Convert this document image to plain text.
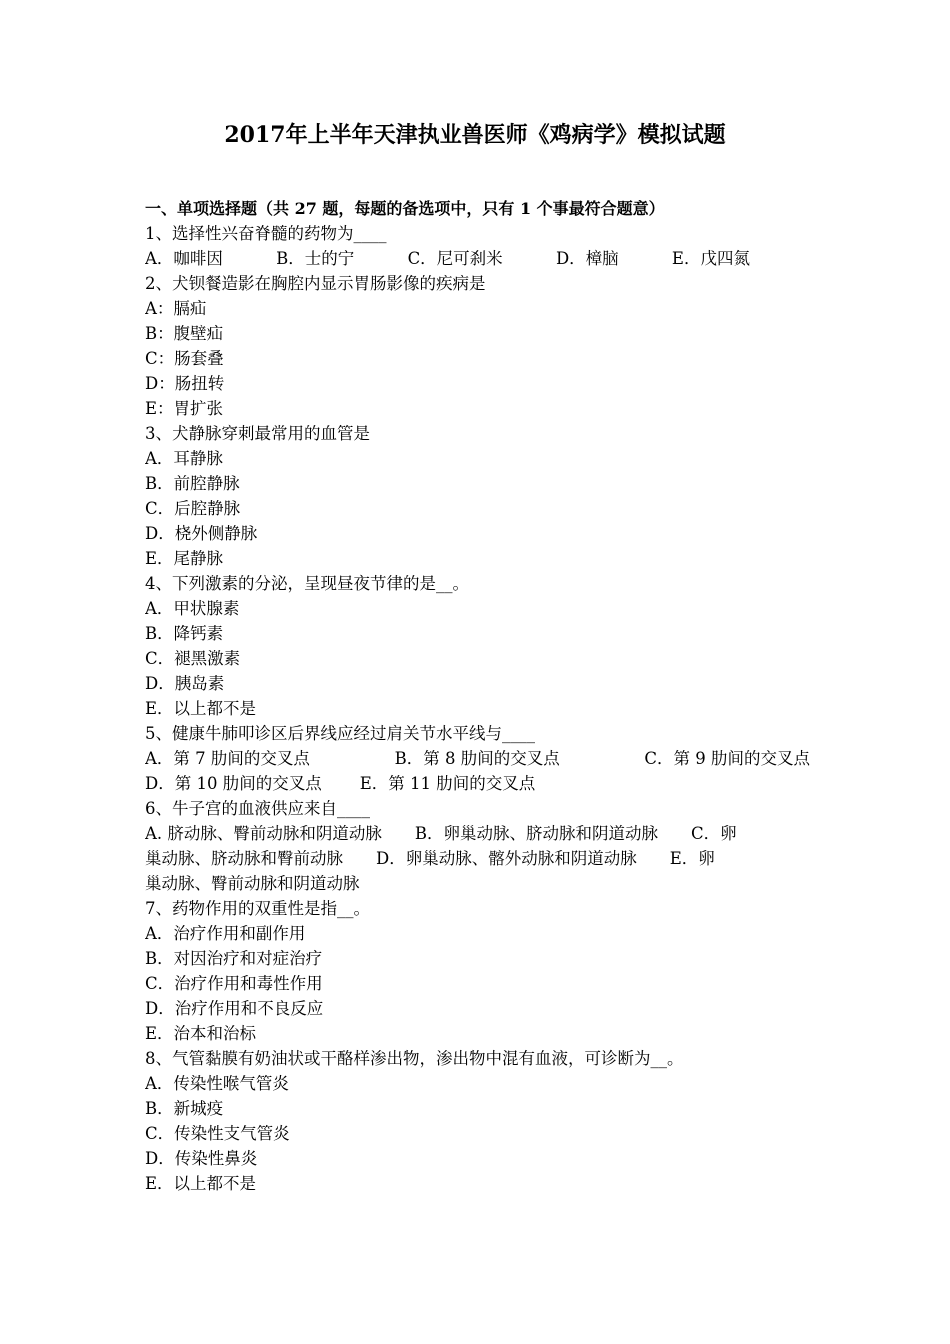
2017年上半年天津执业兽医师《鸡病学》模拟试题
一、单项选择题（共 27 题，每题的备选项中，只有 1 个事最符合题意）
1、选择性兴奋脊髓的药物为____
A．咖啡因	B．士的宁	C．尼可刹米	D．樟脑	E．戊四氮
2、犬钡餐造影在胸腔内显示胃肠影像的疾病是
A：膈疝
B：腹壁疝
C：肠套叠
D：肠扭转
E：胃扩张
3、犬静脉穿刺最常用的血管是
A．耳静脉
B．前腔静脉
C．后腔静脉
D．桡外侧静脉
E．尾静脉
4、下列激素的分泌，呈现昼夜节律的是__。
A．甲状腺素
B．降钙素
C．褪黑激素
D．胰岛素
E．以上都不是
5、健康牛肺叩诊区后界线应经过肩关节水平线与____
A．第 7 肋间的交叉点	B．第 8 肋间的交叉点	C．第 9 肋间的交叉点
D．第 10 肋间的交叉点 E．第 11 肋间的交叉点
6、牛子宫的血液供应来自____
A. 脐动脉、臀前动脉和阴道动脉　　B．卵巢动脉、脐动脉和阴道动脉　　C．卵
巢动脉、脐动脉和臀前动脉　　D．卵巢动脉、髂外动脉和阴道动脉　　E．卵
巢动脉、臀前动脉和阴道动脉
7、药物作用的双重性是指__。
A．治疗作用和副作用
B．对因治疗和对症治疗
C．治疗作用和毒性作用
D．治疗作用和不良反应
E．治本和治标
8、气管黏膜有奶油状或干酪样渗出物，渗出物中混有血液，可诊断为__。
A．传染性喉气管炎
B．新城疫
C．传染性支气管炎
D．传染性鼻炎
E．以上都不是
